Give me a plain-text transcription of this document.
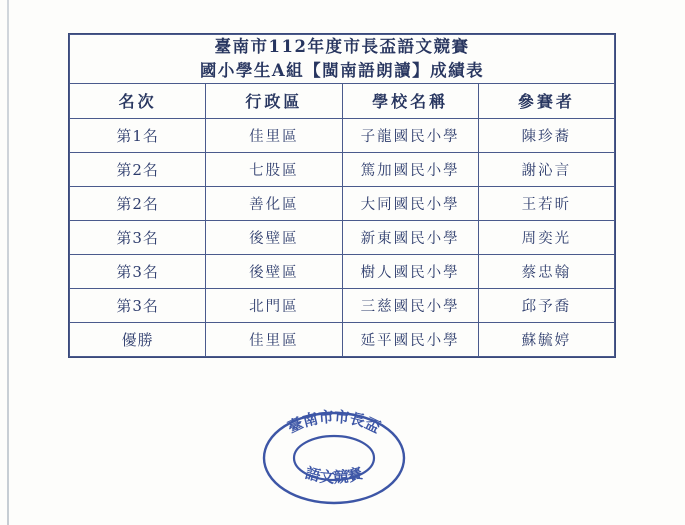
臺南市112年度市長盃語文競賽
國小學生A組【閩南語朗讀】成績表			

名次	行政區	學校名稱	參賽者
第1名	佳里區	子龍國民小學	陳珍蕎
第2名	七股區	篤加國民小學	謝沁言
第2名	善化區	大同國民小學	王若昕
第3名	後壁區	新東國民小學	周奕光
第3名	後壁區	樹人國民小學	蔡忠翰
第3名	北門區	三慈國民小學	邱予喬
優勝	佳里區	延平國民小學	蘇毓婷
臺南市市長盃
語文競賽
